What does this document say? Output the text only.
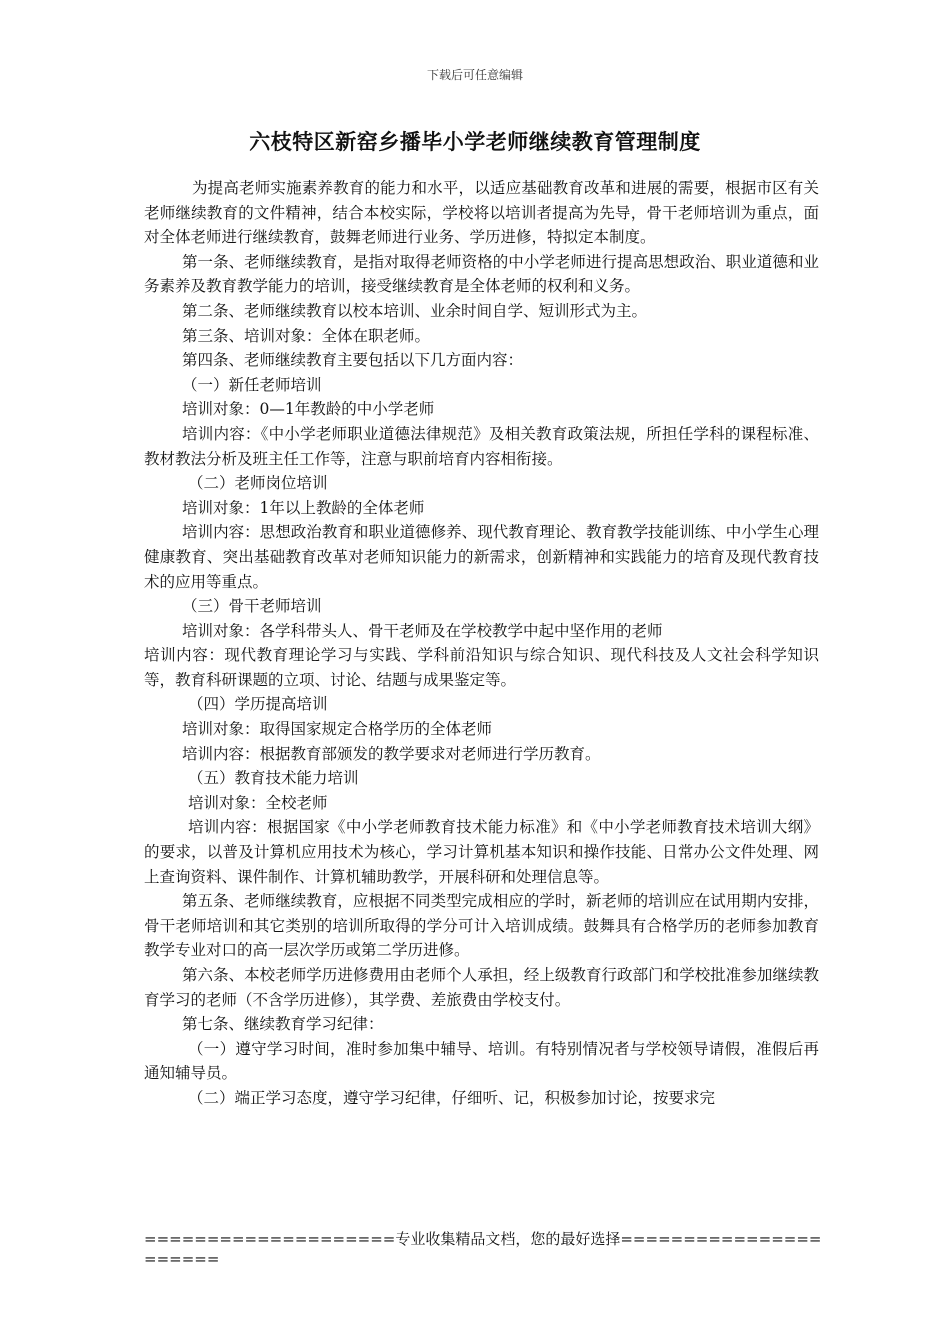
下载后可任意编辑
六枝特区新窑乡播毕小学老师继续教育管理制度

为提高老师实施素养教育的能力和水平，以适应基础教育改革和进展的需要，根据市区有关老师继续教育的文件精神，结合本校实际，学校将以培训者提高为先导，骨干老师培训为重点，面对全体老师进行继续教育，鼓舞老师进行业务、学历进修，特拟定本制度。

第一条、老师继续教育，是指对取得老师资格的中小学老师进行提高思想政治、职业道德和业务素养及教育教学能力的培训，接受继续教育是全体老师的权利和义务。

第二条、老师继续教育以校本培训、业余时间自学、短训形式为主。

第三条、培训对象：全体在职老师。

第四条、老师继续教育主要包括以下几方面内容：

（一）新任老师培训

培训对象：0—1年教龄的中小学老师

培训内容：《中小学老师职业道德法律规范》及相关教育政策法规，所担任学科的课程标准、教材教法分析及班主任工作等，注意与职前培育内容相衔接。

（二）老师岗位培训

培训对象：1年以上教龄的全体老师

培训内容：思想政治教育和职业道德修养、现代教育理论、教育教学技能训练、中小学生心理健康教育、突出基础教育改革对老师知识能力的新需求，创新精神和实践能力的培育及现代教育技术的应用等重点。

（三）骨干老师培训

培训对象：各学科带头人、骨干老师及在学校教学中起中坚作用的老师

培训内容：现代教育理论学习与实践、学科前沿知识与综合知识、现代科技及人文社会科学知识等，教育科研课题的立项、讨论、结题与成果鉴定等。

（四）学历提高培训

培训对象：取得国家规定合格学历的全体老师

培训内容：根据教育部颁发的教学要求对老师进行学历教育。

（五）教育技术能力培训

培训对象：全校老师

培训内容：根据国家《中小学老师教育技术能力标准》和《中小学老师教育技术培训大纲》的要求，以普及计算机应用技术为核心，学习计算机基本知识和操作技能、日常办公文件处理、网上查询资料、课件制作、计算机辅助教学，开展科研和处理信息等。

第五条、老师继续教育，应根据不同类型完成相应的学时，新老师的培训应在试用期内安排，骨干老师培训和其它类别的培训所取得的学分可计入培训成绩。鼓舞具有合格学历的老师参加教育教学专业对口的高一层次学历或第二学历进修。

第六条、本校老师学历进修费用由老师个人承担，经上级教育行政部门和学校批准参加继续教育学习的老师（不含学历进修），其学费、差旅费由学校支付。

第七条、继续教育学习纪律：

（一）遵守学习时间，准时参加集中辅导、培训。有特别情况者与学校领导请假，准假后再通知辅导员。

（二）端正学习态度，遵守学习纪律，仔细听、记，积极参加讨论，按要求完

====================专业收集精品文档，您的最好选择======================
